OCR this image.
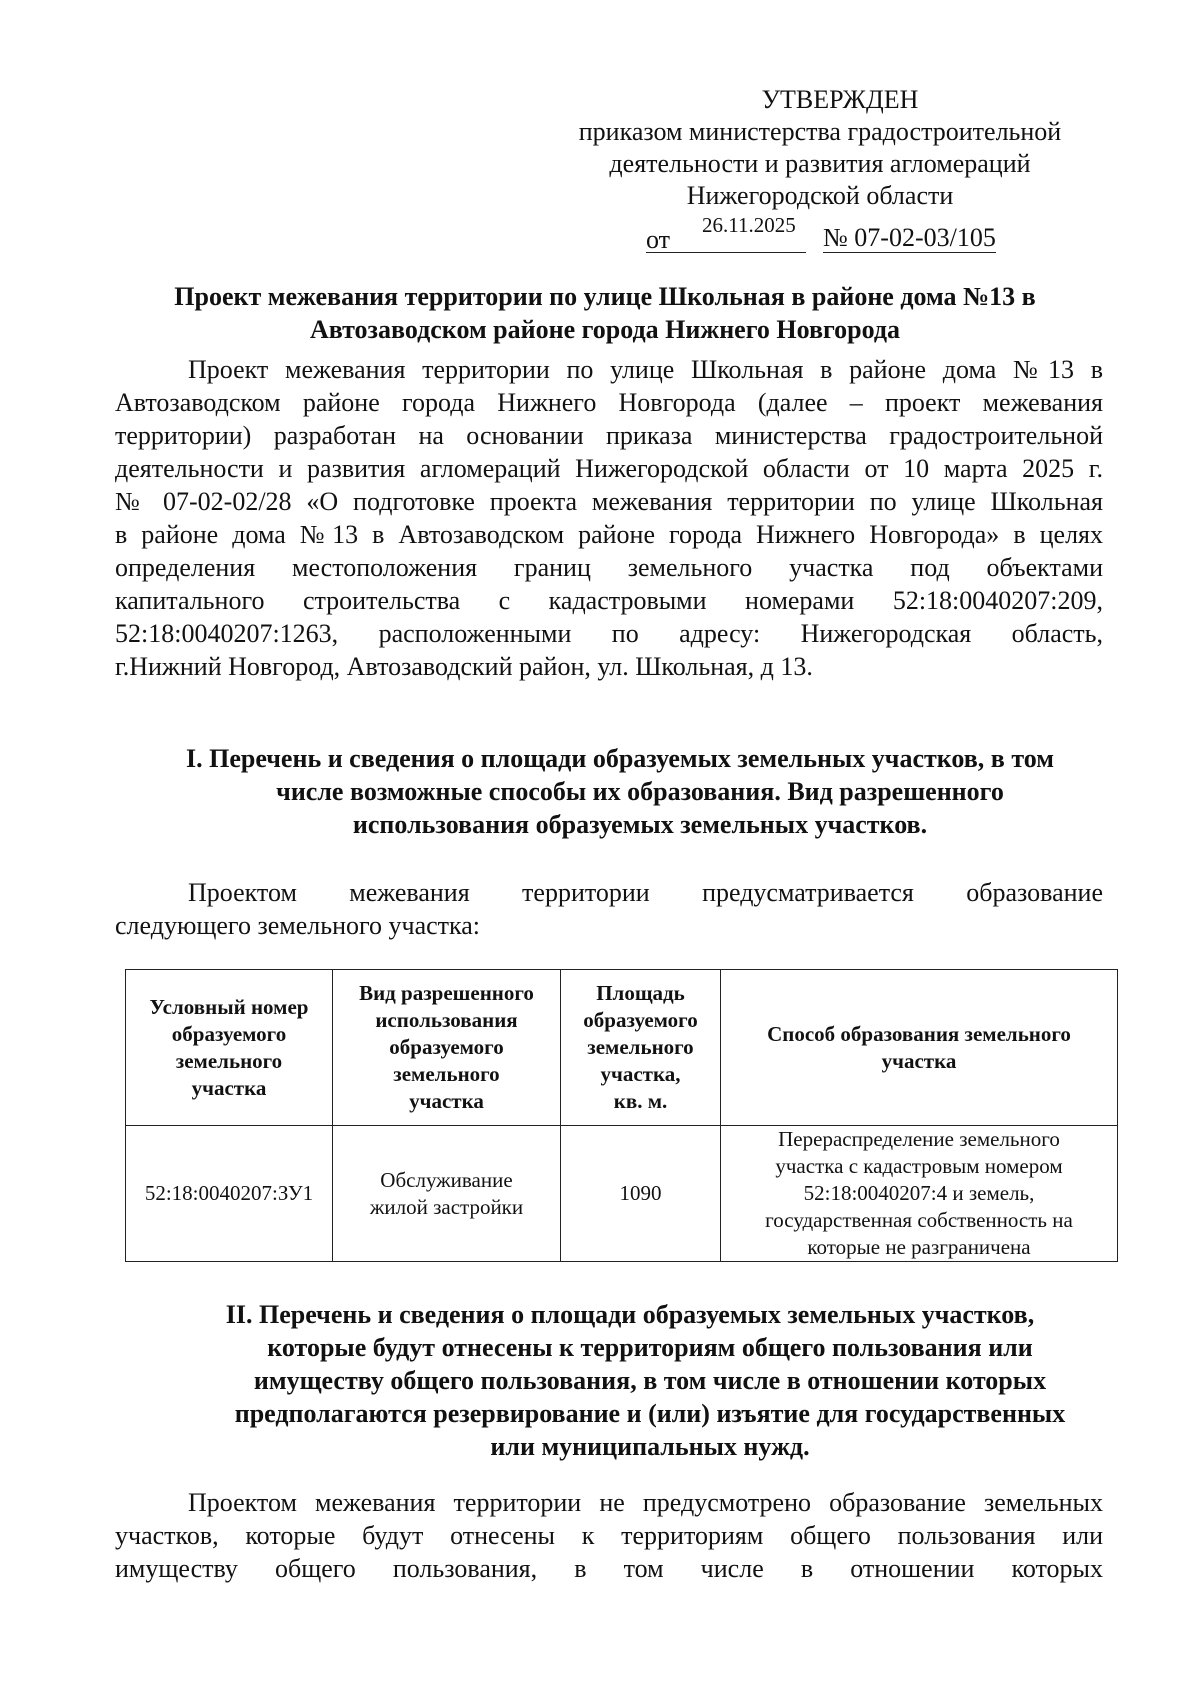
УТВЕРЖДЕН
приказом министерства градостроительной
деятельности и развития агломераций
Нижегородской области
от 26.11.2025 № 07-02-03/105
Проект межевания территории по улице Школьная в районе дома №13 в
Автозаводском районе города Нижнего Новгорода
Проект межевания территории по улице Школьная в районе дома №13 в
Автозаводском районе города Нижнего Новгорода (далее – проект межевания
территории) разработан на основании приказа министерства градостроительной
деятельности и развития агломераций Нижегородской области от 10 марта 2025 г.
№ 07-02-02/28 «О подготовке проекта межевания территории по улице Школьная
в районе дома №13 в Автозаводском районе города Нижнего Новгорода» в целях
определения местоположения границ земельного участка под объектами
капитального строительства с кадастровыми номерами 52:18:0040207:209,
52:18:0040207:1263, расположенными по адресу: Нижегородская область,
г.Нижний Новгород, Автозаводский район, ул. Школьная, д 13.
I. Перечень и сведения о площади образуемых земельных участков, в том
числе возможные способы их образования. Вид разрешенного
использования образуемых земельных участков.
Проектом межевания территории предусматривается образование
следующего земельного участка:
Условный номер
образуемого
земельного
участка	Вид разрешенного
использования
образуемого
земельного
участка	Площадь
образуемого
земельного
участка,
кв. м.	Способ образования земельного
участка

52:18:0040207:ЗУ1	Обслуживание
жилой застройки	1090	Перераспределение земельного
участка с кадастровым номером
52:18:0040207:4 и земель,
государственная собственность на
которые не разграничена
II. Перечень и сведения о площади образуемых земельных участков,
которые будут отнесены к территориям общего пользования или
имуществу общего пользования, в том числе в отношении которых
предполагаются резервирование и (или) изъятие для государственных
или муниципальных нужд.
Проектом межевания территории не предусмотрено образование земельных
участков, которые будут отнесены к территориям общего пользования или
имуществу общего пользования, в том числе в отношении которых
